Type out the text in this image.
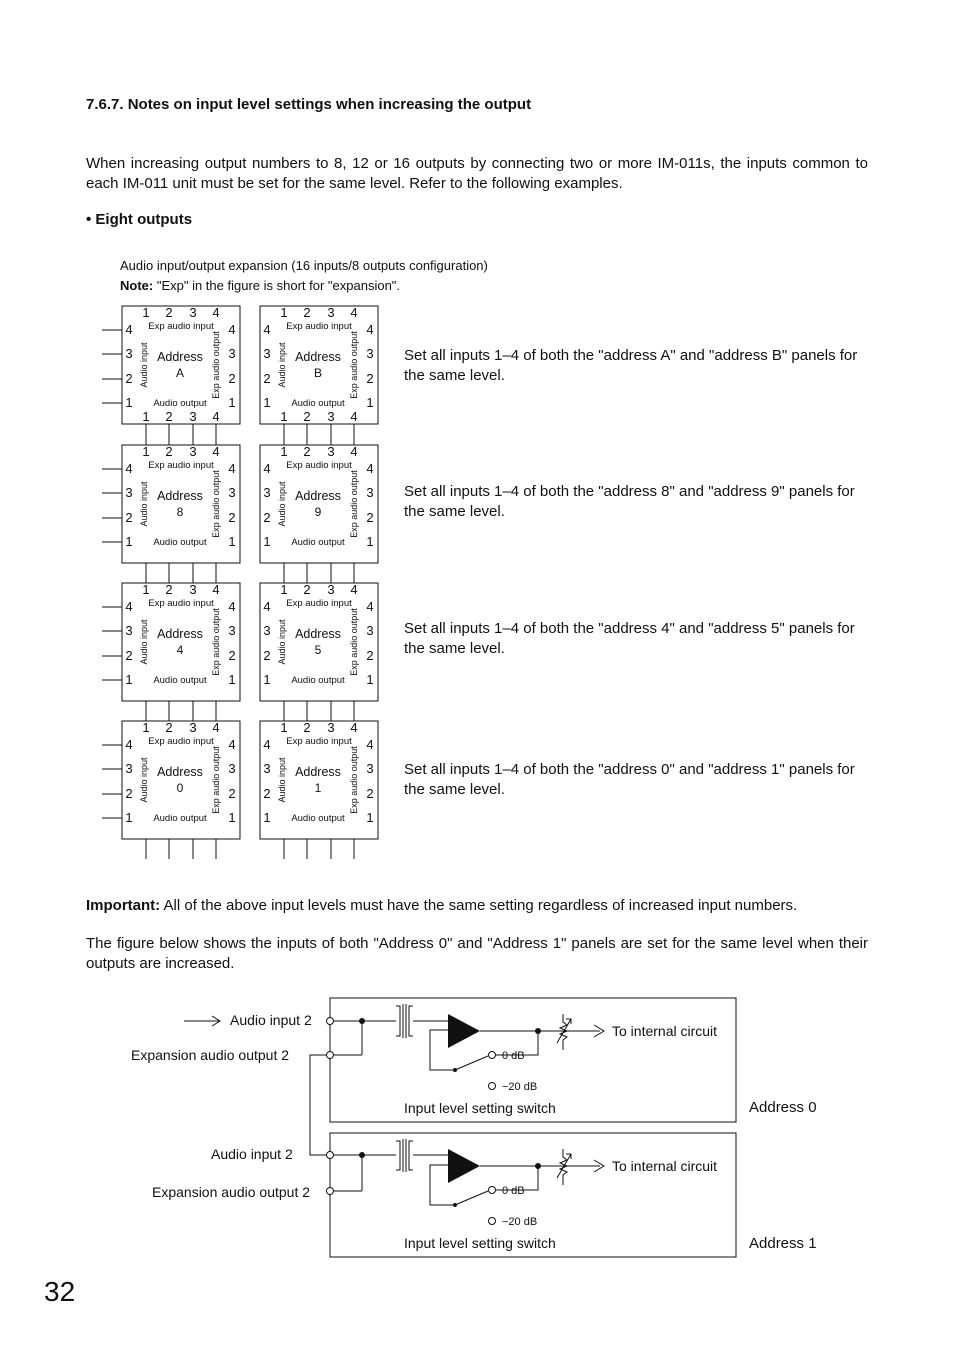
7.6.7. Notes on input level settings when increasing the output
When increasing output numbers to 8, 12 or 16 outputs by connecting two or more IM-011s, the inputs common to each IM-011 unit must be set for the same level. Refer to the following examples.
• Eight outputs
Audio input/output expansion (16 inputs/8 outputs configuration)
Note: "Exp" in the figure is short for "expansion".
1 2 3 4
4	4
3	3
2	2
1	1
1 2 3 4
Exp audio input
Audio output
Address
A
Audio input	Exp audio output
1 2 3 4
4	4
3	3
2	2
1	1
1 2 3 4
Exp audio input
Audio output
Address
B
Audio input	Exp audio output
1 2 3 4
4	4
3	3
2	2
1	1
Exp audio input
Audio output
Address
8
Audio input	Exp audio output
1 2 3 4
4	4
3	3
2	2
1	1
Exp audio input
Audio output
Address
9
Audio input	Exp audio output
1 2 3 4
4	4
3	3
2	2
1	1
Exp audio input
Audio output
Address
4
Audio input	Exp audio output
1 2 3 4
4	4
3	3
2	2
1	1
Exp audio input
Audio output
Address
5
Audio input	Exp audio output
1 2 3 4
4	4
3	3
2	2
1	1
Exp audio input
Audio output
Address
0
Audio input	Exp audio output
1 2 3 4
4	4
3	3
2	2
1	1
Exp audio input
Audio output
Address
1
Audio input	Exp audio output
Set all inputs 1–4 of both the "address A" and "address B" panels for the same level.
Set all inputs 1–4 of both the "address 8" and "address 9" panels for the same level.
Set all inputs 1–4 of both the "address 4" and "address 5" panels for the same level.
Set all inputs 1–4 of both the "address 0" and "address 1" panels for the same level.
Important: All of the above input levels must have the same setting regardless of increased input numbers.
The figure below shows the inputs of both "Address 0" and "Address 1" panels are set for the same level when their outputs are increased.
Audio input 2
Expansion audio output 2
To internal circuit
0 dB
−20 dB
Input level setting switch	Address 0
Audio input 2
Expansion audio output 2
To internal circuit
0 dB
−20 dB
Input level setting switch	Address 1
32
